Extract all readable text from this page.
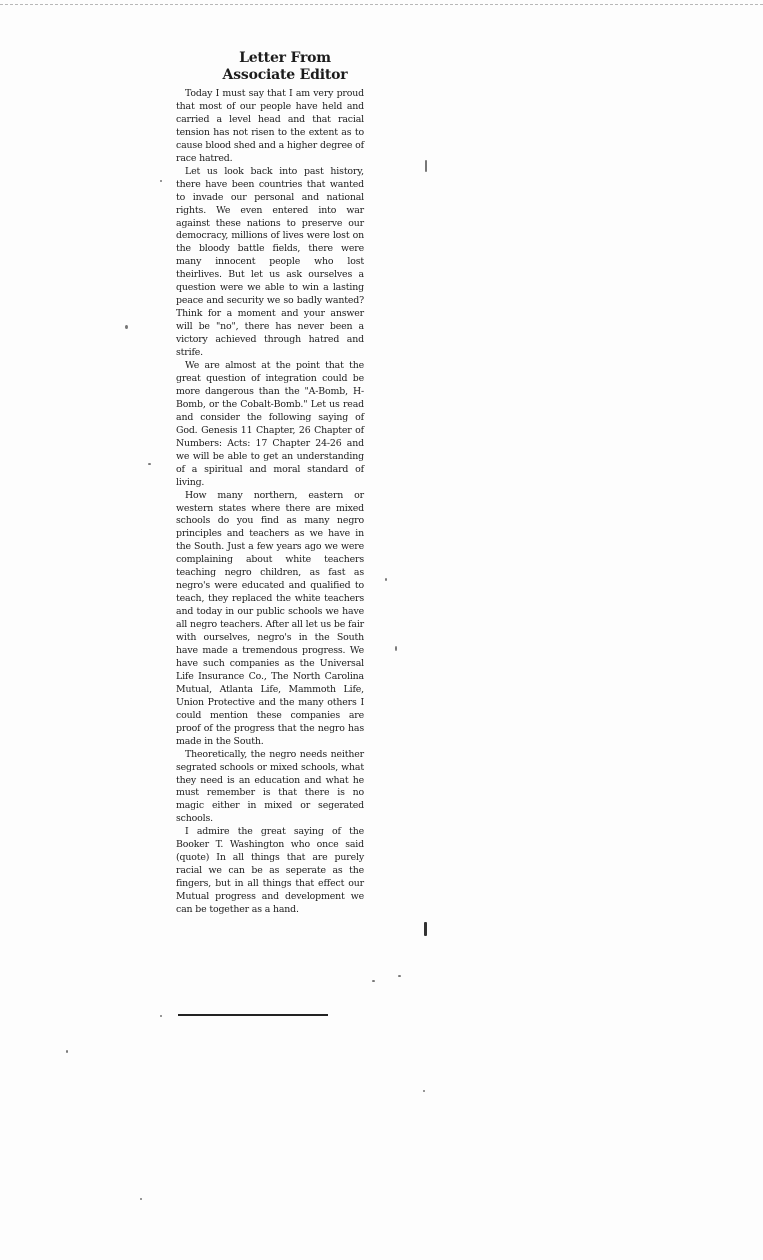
Letter From
Associate Editor

Today I must say that I am very proud that most of our people have held and carried a level head and that racial tension has not risen to the extent as to cause blood shed and a higher degree of race hatred.

Let us look back into past history, there have been countries that wanted to invade our personal and national rights. We even entered into war against these nations to preserve our democracy, millions of lives were lost on the bloody battle fields, there were many innocent people who lost theirlives. But let us ask ourselves a question were we able to win a lasting peace and security we so badly wanted? Think for a moment and your answer will be "no", there has never been a victory achieved through hatred and strife.

We are almost at the point that the great question of integration could be more dangerous than the "A-Bomb, H-Bomb, or the Cobalt-Bomb." Let us read and consider the following saying of God. Genesis 11 Chapter, 26 Chapter of Numbers: Acts: 17 Chapter 24-26 and we will be able to get an understanding of a spiritual and moral standard of living.

How many northern, eastern or western states where there are mixed schools do you find as many negro principles and teachers as we have in the South. Just a few years ago we were complaining about white teachers teaching negro children, as fast as negro's were educated and qualified to teach, they replaced the white teachers and today in our public schools we have all negro teachers. After all let us be fair with ourselves, negro's in the South have made a tremendous progress. We have such companies as the Universal Life Insurance Co., The North Carolina Mutual, Atlanta Life, Mammoth Life, Union Protective and the many others I could mention these companies are proof of the progress that the negro has made in the South.

Theoretically, the negro needs neither segrated schools or mixed schools, what they need is an education and what he must remember is that there is no magic either in mixed or segerated schools.

I admire the great saying of the Booker T. Washington who once said (quote) In all things that are purely racial we can be as seperate as the fingers, but in all things that effect our Mutual progress and development we can be together as a hand.
